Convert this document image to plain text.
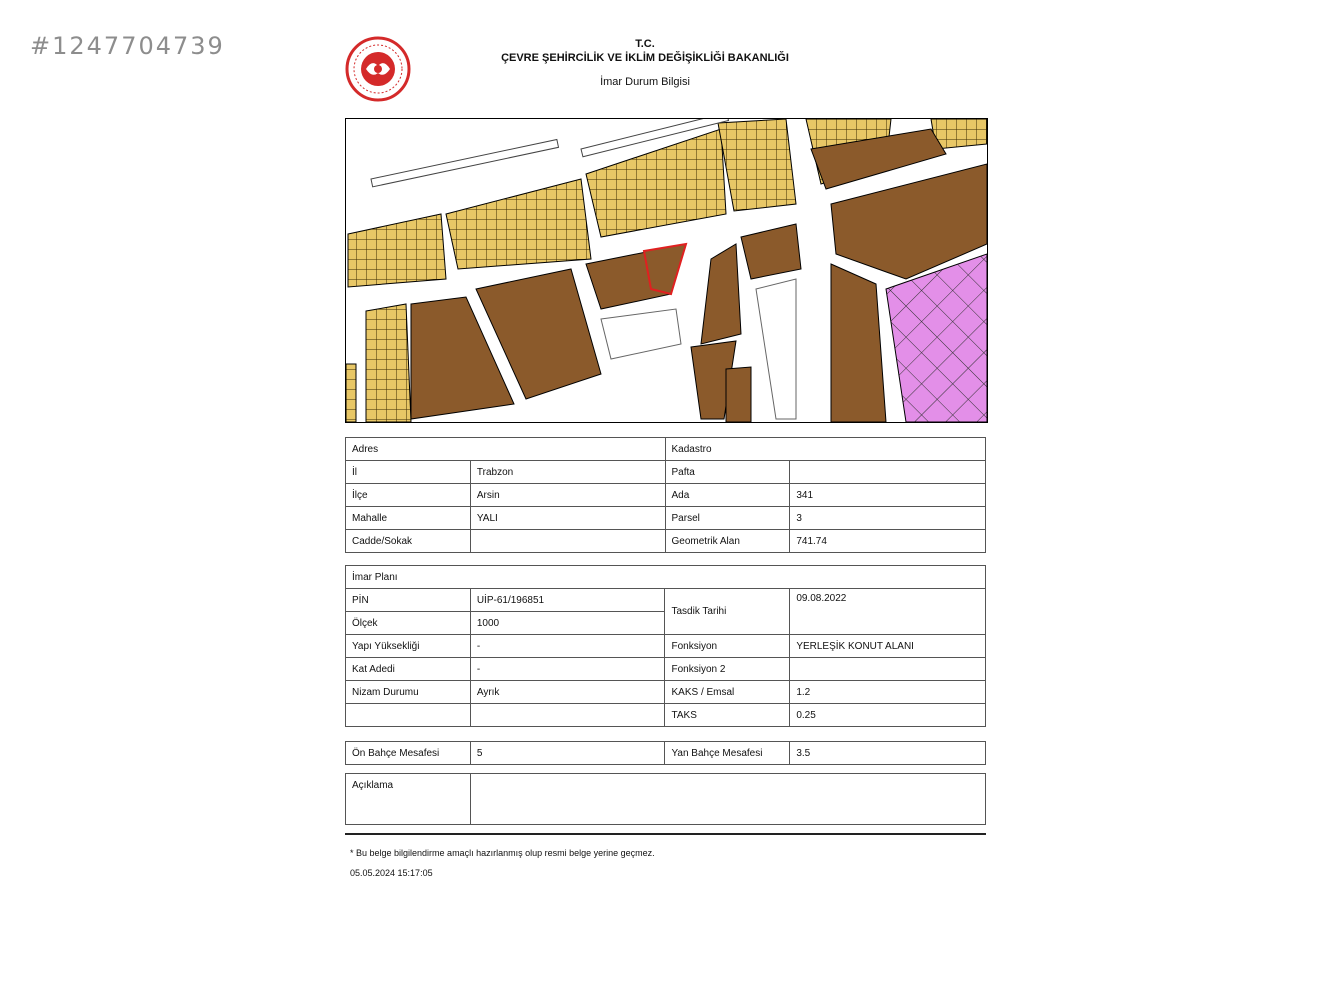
#1247704739	T.C.
ÇEVRE ŞEHİRCİLİK VE İKLİM DEĞİŞİKLİĞİ BAKANLIĞI
İmar Durum Bilgisi
Adres		Kadastro	
İl	Trabzon	Pafta	
İlçe	Arsin	Ada	341
Mahalle	YALI	Parsel	3
Cadde/Sokak		Geometrik Alan	741.74
İmar Planı			
PİN	UİP-61/196851	Tasdik Tarihi	09.08.2022
Ölçek	1000		
Yapı Yüksekliği	-	Fonksiyon	YERLEŞİK KONUT ALANI
Kat Adedi	-	Fonksiyon 2	
Nizam Durumu	Ayrık	KAKS / Emsal	1.2
		TAKS	0.25
Ön Bahçe Mesafesi	5	Yan Bahçe Mesafesi	3.5
Açıklama	
* Bu belge bilgilendirme amaçlı hazırlanmış olup resmi belge yerine geçmez.
05.05.2024 15:17:05
